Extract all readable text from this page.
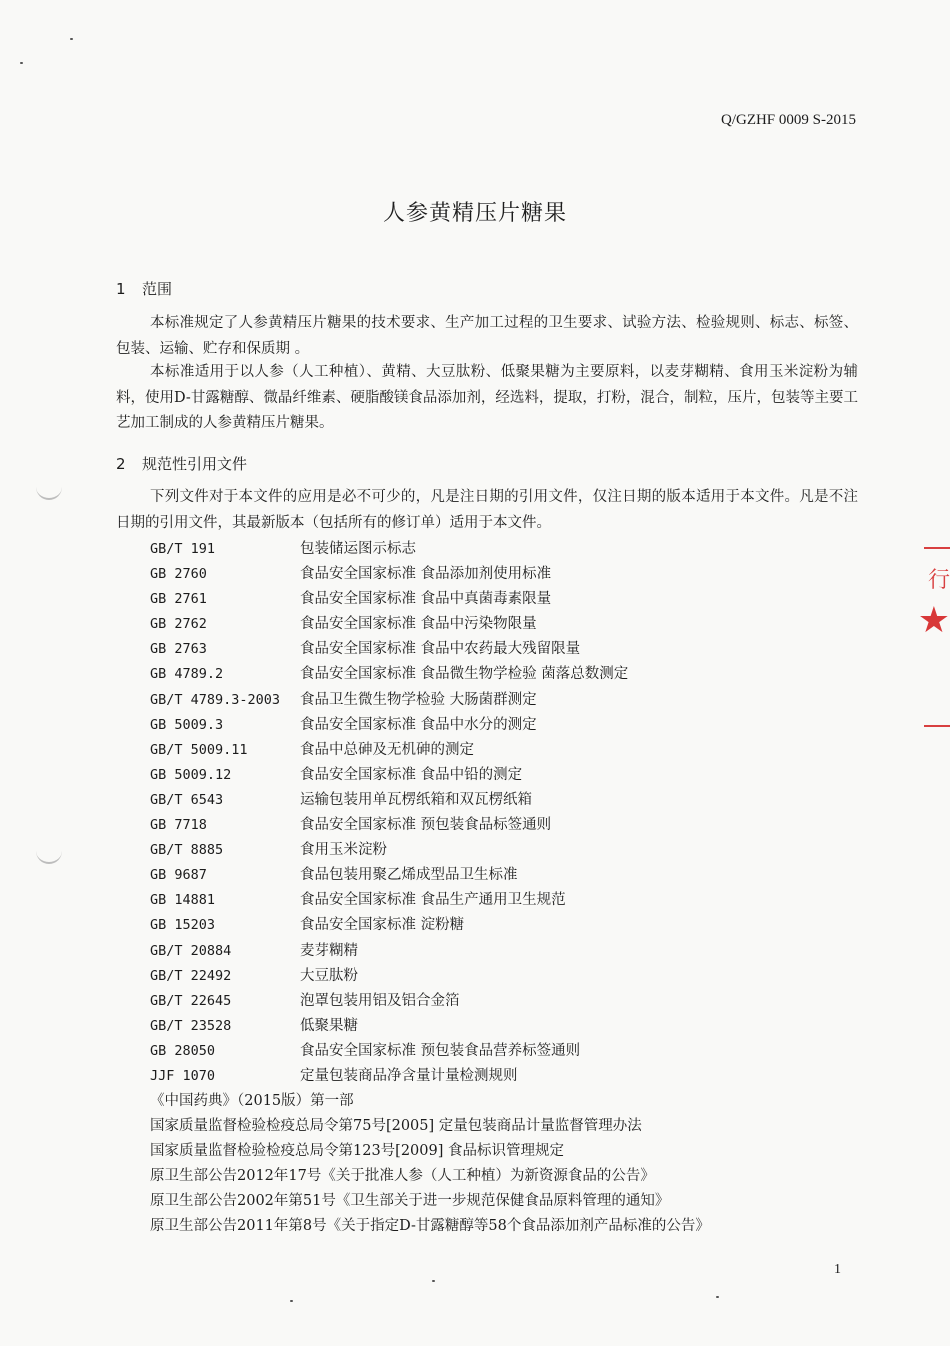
Q/GZHF 0009 S-2015
人参黄精压片糖果
1 范围

本标准规定了人参黄精压片糖果的技术要求、生产加工过程的卫生要求、试验方法、检验规则、标志、标签、包装、运输、贮存和保质期 。

本标准适用于以人参（人工种植）、黄精、大豆肽粉、低聚果糖为主要原料，以麦芽糊精、食用玉米淀粉为辅料，使用D-甘露糖醇、微晶纤维素、硬脂酸镁食品添加剂，经选料，提取，打粉，混合，制粒，压片，包装等主要工艺加工制成的人参黄精压片糖果。

2 规范性引用文件

下列文件对于本文件的应用是必不可少的，凡是注日期的引用文件，仅注日期的版本适用于本文件。凡是不注日期的引用文件，其最新版本（包括所有的修订单）适用于本文件。

GB/T 191	包装储运图示标志
GB 2760	食品安全国家标准 食品添加剂使用标准
GB 2761	食品安全国家标准 食品中真菌毒素限量
GB 2762	食品安全国家标准 食品中污染物限量
GB 2763	食品安全国家标准 食品中农药最大残留限量
GB 4789.2	食品安全国家标准 食品微生物学检验 菌落总数测定
GB/T 4789.3-2003 食品卫生微生物学检验 大肠菌群测定
GB 5009.3	食品安全国家标准 食品中水分的测定
GB/T 5009.11	食品中总砷及无机砷的测定
GB 5009.12	食品安全国家标准 食品中铅的测定
GB/T 6543	运输包装用单瓦楞纸箱和双瓦楞纸箱
GB 7718	食品安全国家标准 预包装食品标签通则
GB/T 8885	食用玉米淀粉
GB 9687	食品包装用聚乙烯成型品卫生标准
GB 14881	食品安全国家标准 食品生产通用卫生规范
GB 15203	食品安全国家标准 淀粉糖
GB/T 20884	麦芽糊精
GB/T 22492	大豆肽粉
GB/T 22645	泡罩包装用铝及铝合金箔
GB/T 23528	低聚果糖
GB 28050	食品安全国家标准 预包装食品营养标签通则
JJF 1070	定量包装商品净含量计量检测规则
《中国药典》（2015版）第一部
国家质量监督检验检疫总局令第75号[2005] 定量包装商品计量监督管理办法
国家质量监督检验检疫总局令第123号[2009] 食品标识管理规定
原卫生部公告2012年17号《关于批准人参（人工种植）为新资源食品的公告》
原卫生部公告2002年第51号《卫生部关于进一步规范保健食品原料管理的通知》
原卫生部公告2011年第8号《关于指定D-甘露糖醇等58个食品添加剂产品标准的公告》
1
行
★
